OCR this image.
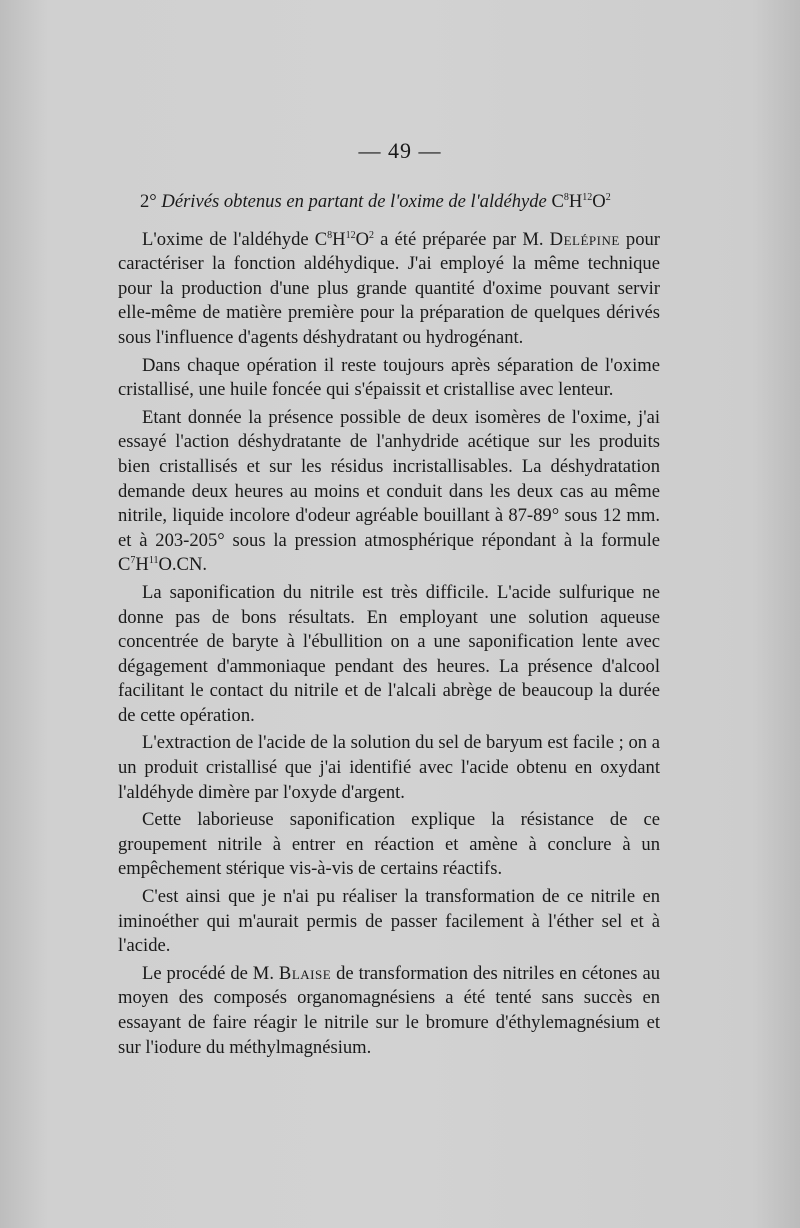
— 49 —
2° Dérivés obtenus en partant de l'oxime de l'aldéhyde $C^8H^{12}O^2$

L'oxime de l'aldéhyde $C^8H^{12}O^2$ a été préparée par M. Delépine pour caractériser la fonction aldéhydique. J'ai employé la même technique pour la production d'une plus grande quantité d'oxime pouvant servir elle-même de matière première pour la préparation de quelques dérivés sous l'influence d'agents déshydratant ou hydrogénant.

Dans chaque opération il reste toujours après séparation de l'oxime cristallisé, une huile foncée qui s'épaissit et cristallise avec lenteur.

Etant donnée la présence possible de deux isomères de l'oxime, j'ai essayé l'action déshydratante de l'anhydride acétique sur les produits bien cristallisés et sur les résidus incristallisables. La déshydratation demande deux heures au moins et conduit dans les deux cas au même nitrile, liquide incolore d'odeur agréable bouillant à 87-89° sous 12 mm. et à 203-205° sous la pression atmosphérique répondant à la formule $C^7H^{11}O.CN$.

La saponification du nitrile est très difficile. L'acide sulfurique ne donne pas de bons résultats. En employant une solution aqueuse concentrée de baryte à l'ébullition on a une saponification lente avec dégagement d'ammoniaque pendant des heures. La présence d'alcool facilitant le contact du nitrile et de l'alcali abrège de beaucoup la durée de cette opération.

L'extraction de l'acide de la solution du sel de baryum est facile ; on a un produit cristallisé que j'ai identifié avec l'acide obtenu en oxydant l'aldéhyde dimère par l'oxyde d'argent.

Cette laborieuse saponification explique la résistance de ce groupement nitrile à entrer en réaction et amène à conclure à un empêchement stérique vis-à-vis de certains réactifs.

C'est ainsi que je n'ai pu réaliser la transformation de ce nitrile en iminoéther qui m'aurait permis de passer facilement à l'éther sel et à l'acide.

Le procédé de M. Blaise de transformation des nitriles en cétones au moyen des composés organomagnésiens a été tenté sans succès en essayant de faire réagir le nitrile sur le bromure d'éthylemagnésium et sur l'iodure du méthylmagnésium.
